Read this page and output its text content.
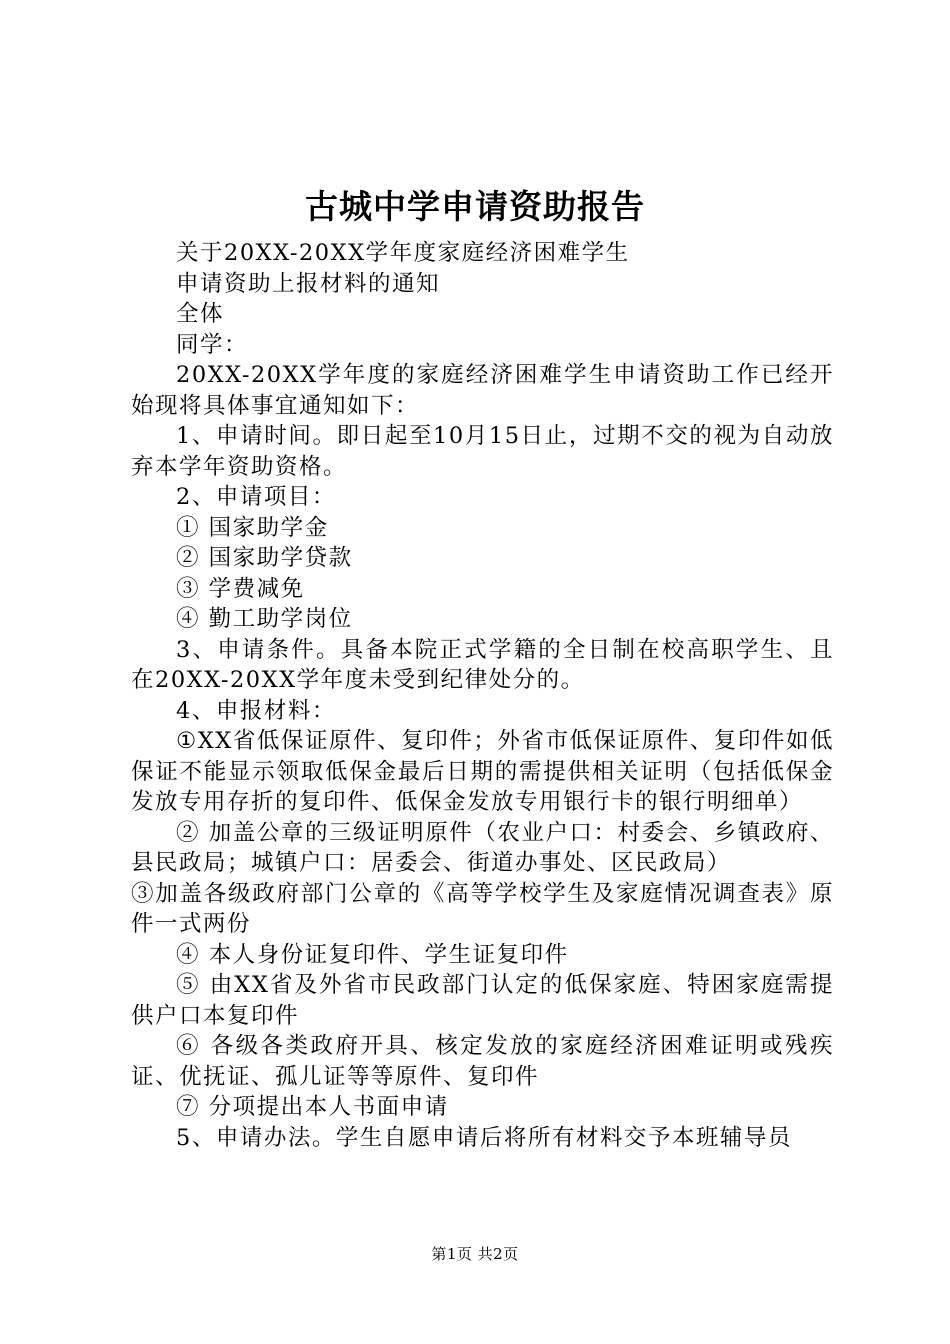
古城中学申请资助报告

关于20XX-20XX学年度家庭经济困难学生

申请资助上报材料的通知

全体

同学：

20XX-20XX学年度的家庭经济困难学生申请资助工作已经开始现将具体事宜通知如下：

1、申请时间。即日起至10月15日止，过期不交的视为自动放弃本学年资助资格。

2、申请项目：

① 国家助学金

② 国家助学贷款

③ 学费减免

④ 勤工助学岗位

3、申请条件。具备本院正式学籍的全日制在校高职学生、且在20XX-20XX学年度未受到纪律处分的。

4、申报材料：

①XX省低保证原件、复印件；外省市低保证原件、复印件如低保证不能显示领取低保金最后日期的需提供相关证明（包括低保金发放专用存折的复印件、低保金发放专用银行卡的银行明细单）

② 加盖公章的三级证明原件（农业户口：村委会、乡镇政府、县民政局；城镇户口：居委会、街道办事处、区民政局）

③加盖各级政府部门公章的《高等学校学生及家庭情况调查表》原件一式两份

④ 本人身份证复印件、学生证复印件

⑤ 由XX省及外省市民政部门认定的低保家庭、特困家庭需提供户口本复印件

⑥ 各级各类政府开具、核定发放的家庭经济困难证明或残疾证、优抚证、孤儿证等等原件、复印件

⑦ 分项提出本人书面申请

5、申请办法。学生自愿申请后将所有材料交予本班辅导员

第1页 共2页
